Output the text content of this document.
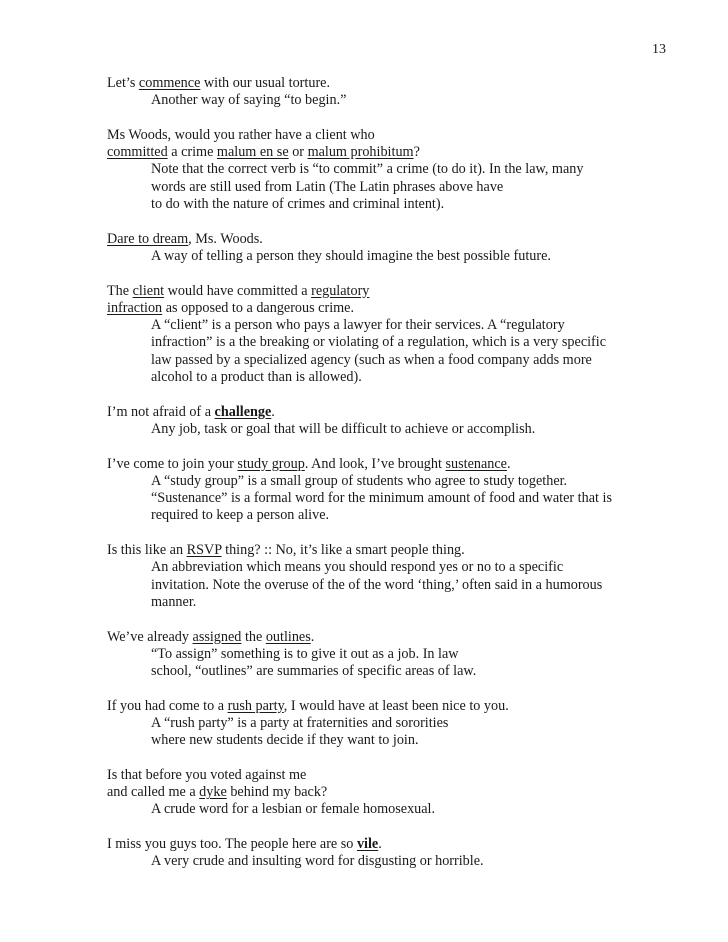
13
Let’s commence with our usual torture.
Another way of saying “to begin.”
Ms Woods, would you rather have a client who
committed a crime malum en se or malum prohibitum?
Note that the correct verb is “to commit” a crime (to do it). In the law, many
words are still used from Latin (The Latin phrases above have
to do with the nature of crimes and criminal intent).
Dare to dream, Ms. Woods.
A way of telling a person they should imagine the best possible future.
The client would have committed a regulatory
infraction as opposed to a dangerous crime.
A “client” is a person who pays a lawyer for their services. A “regulatory
infraction” is a the breaking or violating of a regulation, which is a very specific
law passed by a specialized agency (such as when a food company adds more
alcohol to a product than is allowed).
I’m not afraid of a challenge.
Any job, task or goal that will be difficult to achieve or accomplish.
I’ve come to join your study group. And look, I’ve brought sustenance.
A “study group” is a small group of students who agree to study together.
“Sustenance” is a formal word for the minimum amount of food and water that is
required to keep a person alive.
Is this like an RSVP thing? :: No, it’s like a smart people thing.
An abbreviation which means you should respond yes or no to a specific
invitation. Note the overuse of the of the word ‘thing,’ often said in a humorous
manner.
We’ve already assigned the outlines.
“To assign” something is to give it out as a job. In law
school, “outlines” are summaries of specific areas of law.
If you had come to a rush party, I would have at least been nice to you.
A “rush party” is a party at fraternities and sororities
where new students decide if they want to join.
Is that before you voted against me
and called me a dyke behind my back?
A crude word for a lesbian or female homosexual.
I miss you guys too. The people here are so vile.
A very crude and insulting word for disgusting or horrible.
